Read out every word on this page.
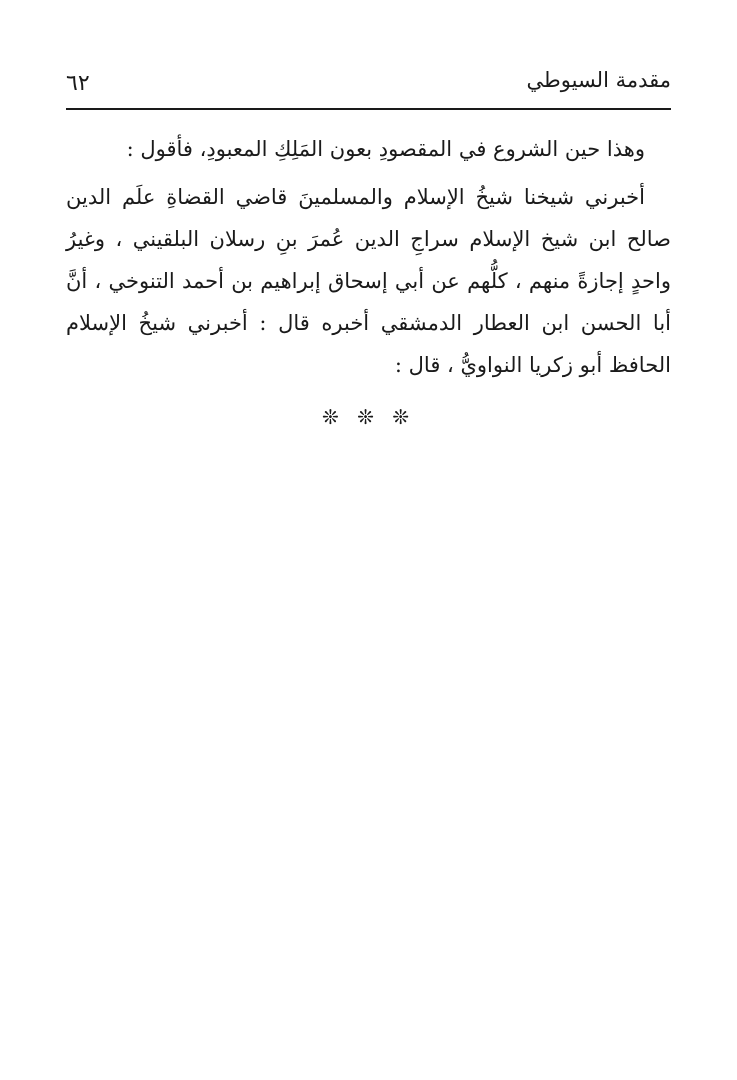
مقدمة السيوطي
٦٢

وهذا حين الشروع في المقصودِ بعون المَلِكِ المعبودِ، فأقول :

أخبرني شيخنا شيخُ الإسلام والمسلمينَ قاضي القضاةِ علَم الدين صالح ابن شيخ الإسلام سراجِ الدين عُمرَ بنِ رسلان البلقيني ، وغيرُ واحدٍ إجازةً منهم ، كلُّهم عن أبي إسحاق إبراهيم بن أحمد التنوخي ، أنَّ أبا الحسن ابن العطار الدمشقي أخبره قال : أخبرني شيخُ الإسلام الحافظ أبو زكريا النواويُّ ، قال :

❊ ❊ ❊
